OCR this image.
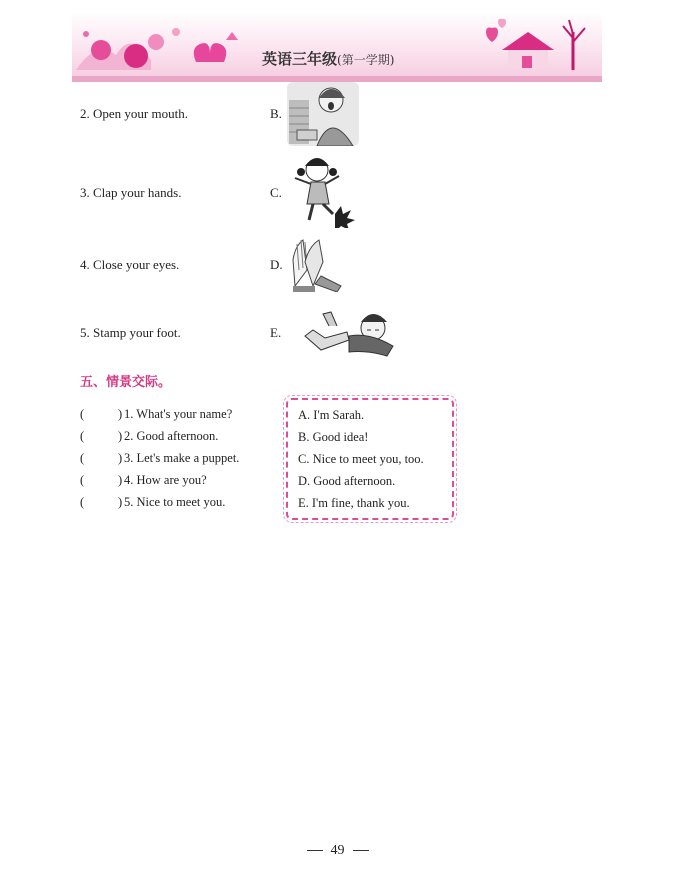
英语三年级(第一学期)
2. Open your mouth.	B.
3. Clap your hands.	C.
4. Close your eyes.	D.
5. Stamp your foot.	E.
五、情景交际。
(	) 1. What's your name?
(	) 2. Good afternoon.
(	) 3. Let's make a puppet.
(	) 4. How are you?
(	) 5. Nice to meet you.
A. I'm Sarah.
B. Good idea!
C. Nice to meet you, too.
D. Good afternoon.
E. I'm fine, thank you.
49
